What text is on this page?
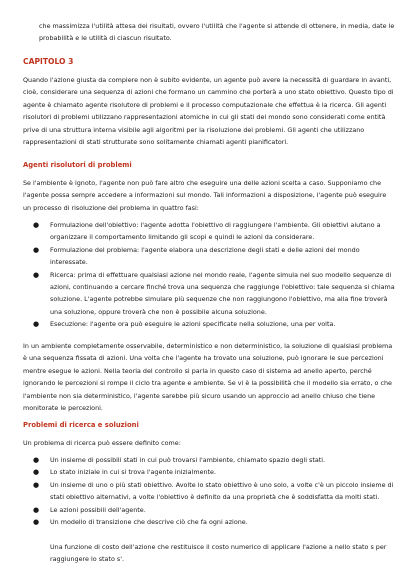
che massimizza l'utilità attesa dei risultati, ovvero l'utilità che l'agente si attende di ottenere, in media, date le probabilità e le utilità di ciascun risultato.

CAPITOLO 3

Quando l'azione giusta da compiere non è subito evidente, un agente può avere la necessità di guardare in avanti, cioè, considerare una sequenza di azioni che formano un cammino che porterà a uno stato obiettivo. Questo tipo di agente è chiamato agente risolutore di problemi e il processo computazionale che effettua è la ricerca. Gli agenti risolutori di problemi utilizzano rappresentazioni atomiche in cui gli stati del mondo sono considerati come entità prive di una struttura interna visibile agli algoritmi per la risoluzione dei problemi. Gli agenti che utilizzano rappresentazioni di stati strutturate sono solitamente chiamati agenti pianificatori.

Agenti risolutori di problemi

Se l'ambiente è ignoto, l'agente non può fare altro che eseguire una delle azioni scelta a caso. Supponiamo che l'agente possa sempre accedere a informazioni sul mondo. Tali informazioni a disposizione, l'agente può eseguire un processo di risoluzione del problema in quattro fasi:

● Formulazione dell'obiettivo: l'agente adotta l'obiettivo di raggiungere l'ambiente. Gli obiettivi aiutano a organizzare il comportamento limitando gli scopi e quindi le azioni da considerare.
● Formulazione del problema: l'agente elabora una descrizione degli stati e delle azioni del mondo interessate.
● Ricerca: prima di effettuare qualsiasi azione nel mondo reale, l'agente simula nel suo modello sequenze di azioni, continuando a cercare finché trova una sequenza che raggiunge l'obiettivo: tale sequenza si chiama soluzione. L'agente potrebbe simulare più sequenze che non raggiungono l'obiettivo, ma alla fine troverà una soluzione, oppure troverà che non è possibile alcuna soluzione.
● Esecuzione: l'agente ora può eseguire le azioni specificate nella soluzione, una per volta.

In un ambiente completamente osservabile, deterministico e non deterministico, la soluzione di qualsiasi problema è una sequenza fissata di azioni. Una volta che l'agente ha trovato una soluzione, può ignorare le sue percezioni mentre esegue le azioni. Nella teoria del controllo si parla in questo caso di sistema ad anello aperto, perché ignorando le percezioni si rompe il ciclo tra agente e ambiente. Se vi è la possibilità che il modello sia errato, o che l'ambiente non sia deterministico, l'agente sarebbe più sicuro usando un approccio ad anello chiuso che tiene monitorate le percezioni.

Problemi di ricerca e soluzioni

Un problema di ricerca può essere definito come:

● Un insieme di possibili stati in cui può trovarsi l'ambiente, chiamato spazio degli stati.
● Lo stato iniziale in cui si trova l'agente inizialmente.
● Un insieme di uno o più stati obiettivo. Avolte lo stato obiettivo è uno solo, a volte c'è un piccolo insieme di stati obiettivo alternativi, a volte l'obiettivo è definito da una proprietà che è soddisfatta da molti stati.
● Le azioni possibili dell'agente.
● Un modello di transizione che descrive ciò che fa ogni azione.

Una funzione di costo dell'azione che restituisce il costo numerico di applicare l'azione a nello stato s per raggiungere lo stato s'.
